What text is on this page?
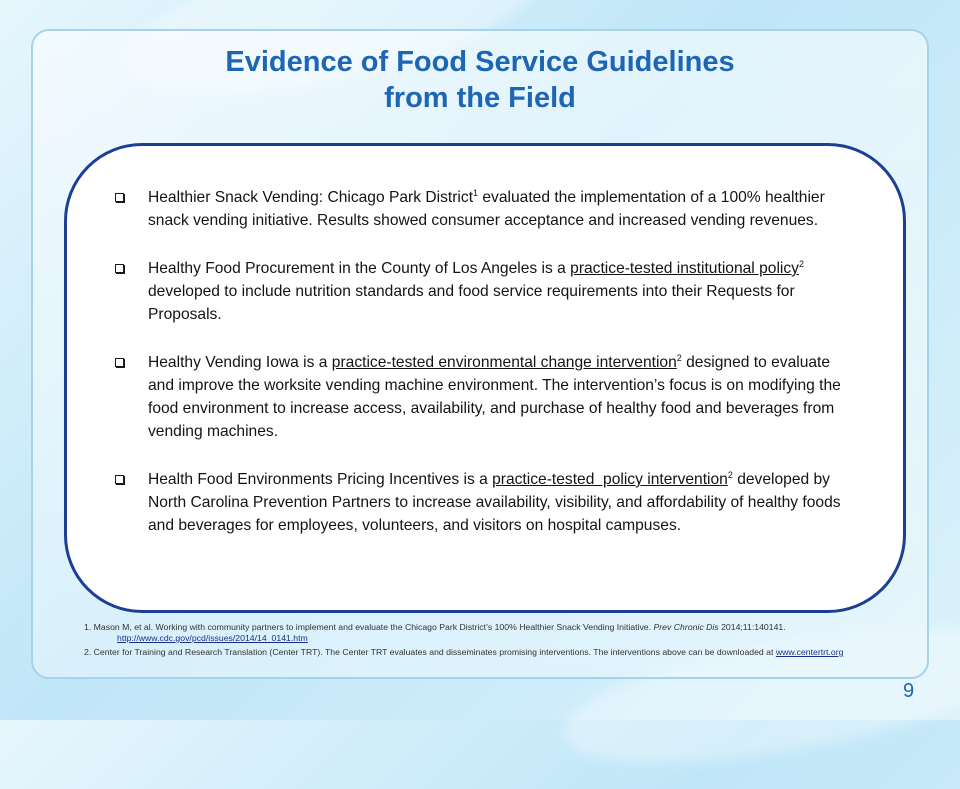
Evidence of Food Service Guidelines
from the Field
Healthier Snack Vending: Chicago Park District$^1$ evaluated the implementation of a 100% healthier snack vending initiative. Results showed consumer acceptance and increased vending revenues.
Healthy Food Procurement in the County of Los Angeles is a practice-tested institutional policy$^2$ developed to include nutrition standards and food service requirements into their Requests for Proposals.
Healthy Vending Iowa is a practice-tested environmental change intervention$^2$ designed to evaluate and improve the worksite vending machine environment. The intervention’s focus is on modifying the food environment to increase access, availability, and purchase of healthy food and beverages from vending machines.
Health Food Environments Pricing Incentives is a practice-tested  policy intervention$^2$ developed by North Carolina Prevention Partners to increase availability, visibility, and affordability of healthy foods and beverages for employees, volunteers, and visitors on hospital campuses.
1. Mason M, et al. Working with community partners to implement and evaluate the Chicago Park District’s 100% Healthier Snack Vending Initiative. Prev Chronic Dis 2014;11:140141. http://www.cdc.gov/pcd/issues/2014/14_0141.htm
2. Center for Training and Research Translation (Center TRT). The Center TRT evaluates and disseminates promising interventions. The interventions above can be downloaded at www.centertrt.org
9
